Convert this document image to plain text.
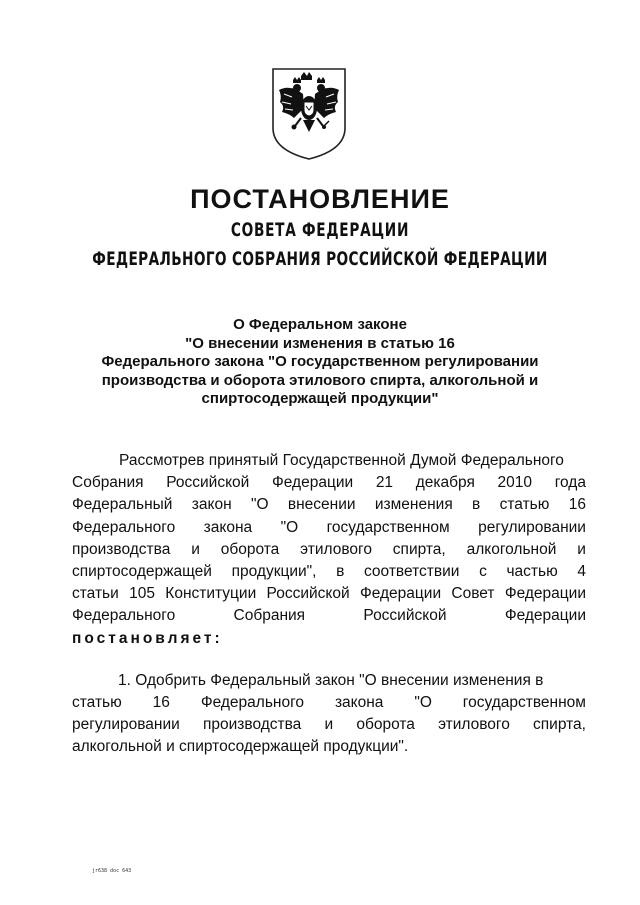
ПОСТАНОВЛЕНИЕ
СОВЕТА ФЕДЕРАЦИИ
ФЕДЕРАЛЬНОГО СОБРАНИЯ РОССИЙСКОЙ ФЕДЕРАЦИИ
О Федеральном законе
"О внесении изменения в статью 16
Федерального закона "О государственном регулировании
производства и оборота этилового спирта, алкогольной и
спиртосодержащей продукции"
Рассмотрев принятый Государственной Думой Федерального
Собрания Российской Федерации 21 декабря 2010 года
Федеральный закон "О внесении изменения в статью 16
Федерального закона "О государственном регулировании
производства и оборота этилового спирта, алкогольной и
спиртосодержащей продукции", в соответствии с частью 4
статьи 105 Конституции Российской Федерации Совет Федерации
Федерального	Собрания	Российской	Федерации
постановляет:
1. Одобрить Федеральный закон "О внесении изменения в
статью 16 Федерального закона "О государственном
регулировании производства и оборота этилового спирта,
алкогольной и спиртосодержащей продукции".
jr638 doc 643
